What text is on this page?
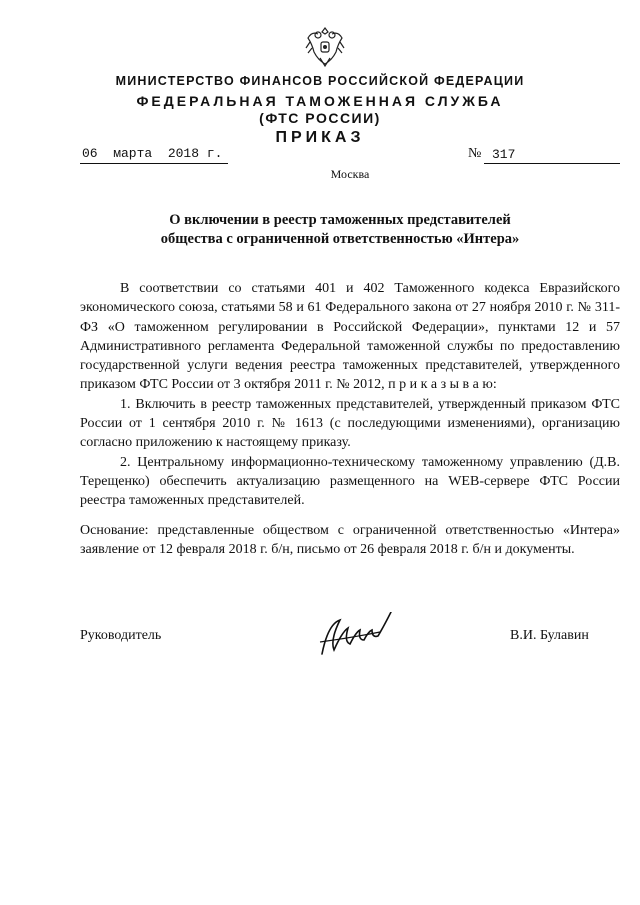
МИНИСТЕРСТВО ФИНАНСОВ РОССИЙСКОЙ ФЕДЕРАЦИИ
ФЕДЕРАЛЬНАЯ ТАМОЖЕННАЯ СЛУЖБА
(ФТС РОССИИ)
ПРИКАЗ
06  марта  2018 г.	№ 317
Москва
О включении в реестр таможенных представителей
общества с ограниченной ответственностью «Интера»

В соответствии со статьями 401 и 402 Таможенного кодекса Евразийского экономического союза, статьями 58 и 61 Федерального закона от 27 ноября 2010 г. № 311-ФЗ «О таможенном регулировании в Российской Федерации», пунктами 12 и 57 Административного регламента Федеральной таможенной службы по предоставлению государственной услуги ведения реестра таможенных представителей, утвержденного приказом ФТС России от 3 октября 2011 г. № 2012, п р и к а з ы в а ю:

1. Включить в реестр таможенных представителей, утвержденный приказом ФТС России от 1 сентября 2010 г. № 1613 (с последующими изменениями), организацию согласно приложению к настоящему приказу.

2. Центральному информационно-техническому таможенному управлению (Д.В. Терещенко) обеспечить актуализацию размещенного на WEB-сервере ФТС России реестра таможенных представителей.

Основание: представленные обществом с ограниченной ответственностью «Интера» заявление от 12 февраля 2018 г. б/н, письмо от 26 февраля 2018 г. б/н и документы.

Руководитель	В.И. Булавин
